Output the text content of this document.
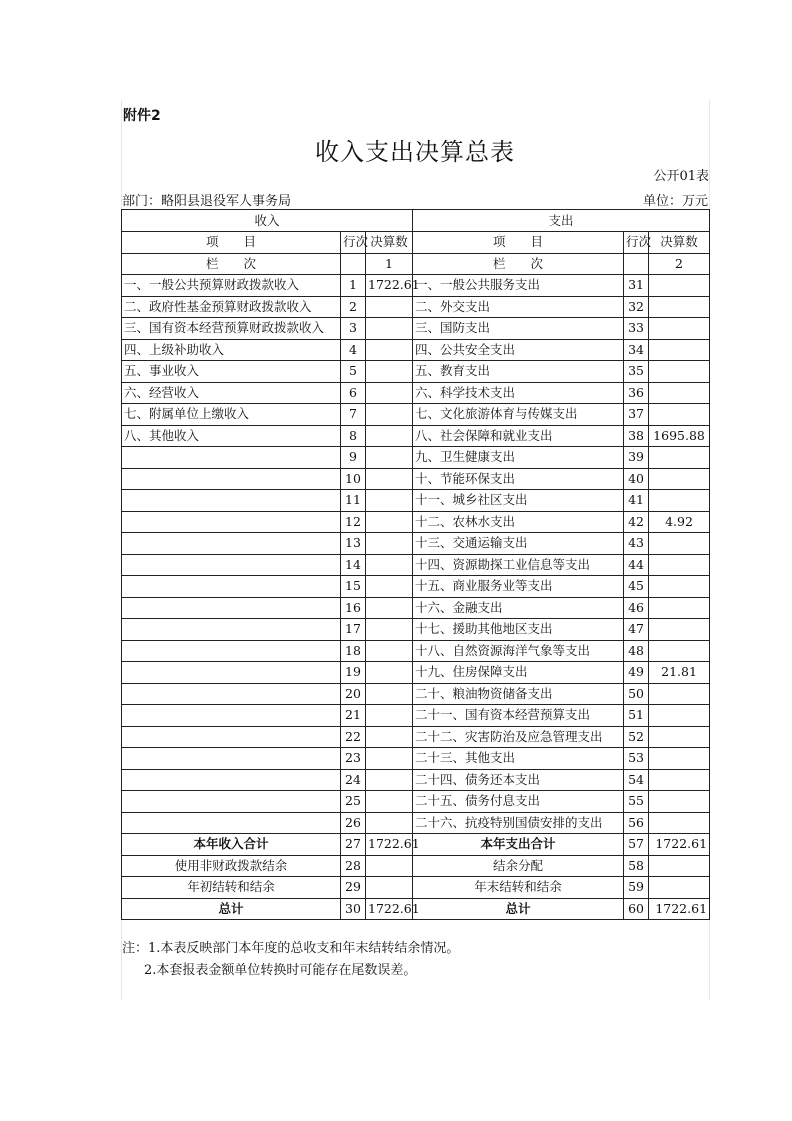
附件2
收入支出决算总表
公开01表
部门：略阳县退役军人事务局	单位：万元
收入			支出		
项　　目	行次	决算数	项　　目	行次	决算数
栏　　次		1	栏　　次		2
一、一般公共预算财政拨款收入	1	1722.61	一、一般公共服务支出	31	
二、政府性基金预算财政拨款收入	2		二、外交支出	32	
三、国有资本经营预算财政拨款收入	3		三、国防支出	33	
四、上级补助收入	4		四、公共安全支出	34	
五、事业收入	5		五、教育支出	35	
六、经营收入	6		六、科学技术支出	36	
七、附属单位上缴收入	7		七、文化旅游体育与传媒支出	37	
八、其他收入	8		八、社会保障和就业支出	38	1695.88
	9		九、卫生健康支出	39	
	10		十、节能环保支出	40	
	11		十一、城乡社区支出	41	
	12		十二、农林水支出	42	4.92
	13		十三、交通运输支出	43	
	14		十四、资源勘探工业信息等支出	44	
	15		十五、商业服务业等支出	45	
	16		十六、金融支出	46	
	17		十七、援助其他地区支出	47	
	18		十八、自然资源海洋气象等支出	48	
	19		十九、住房保障支出	49	21.81
	20		二十、粮油物资储备支出	50	
	21		二十一、国有资本经营预算支出	51	
	22		二十二、灾害防治及应急管理支出	52	
	23		二十三、其他支出	53	
	24		二十四、债务还本支出	54	
	25		二十五、债务付息支出	55	
	26		二十六、抗疫特别国债安排的支出	56	
本年收入合计	27	1722.61	本年支出合计	57	1722.61
使用非财政拨款结余	28		结余分配	58	
年初结转和结余	29		年末结转和结余	59	
总计	30	1722.61	总计	60	1722.61
注：1.本表反映部门本年度的总收支和年末结转结余情况。
2.本套报表金额单位转换时可能存在尾数误差。
